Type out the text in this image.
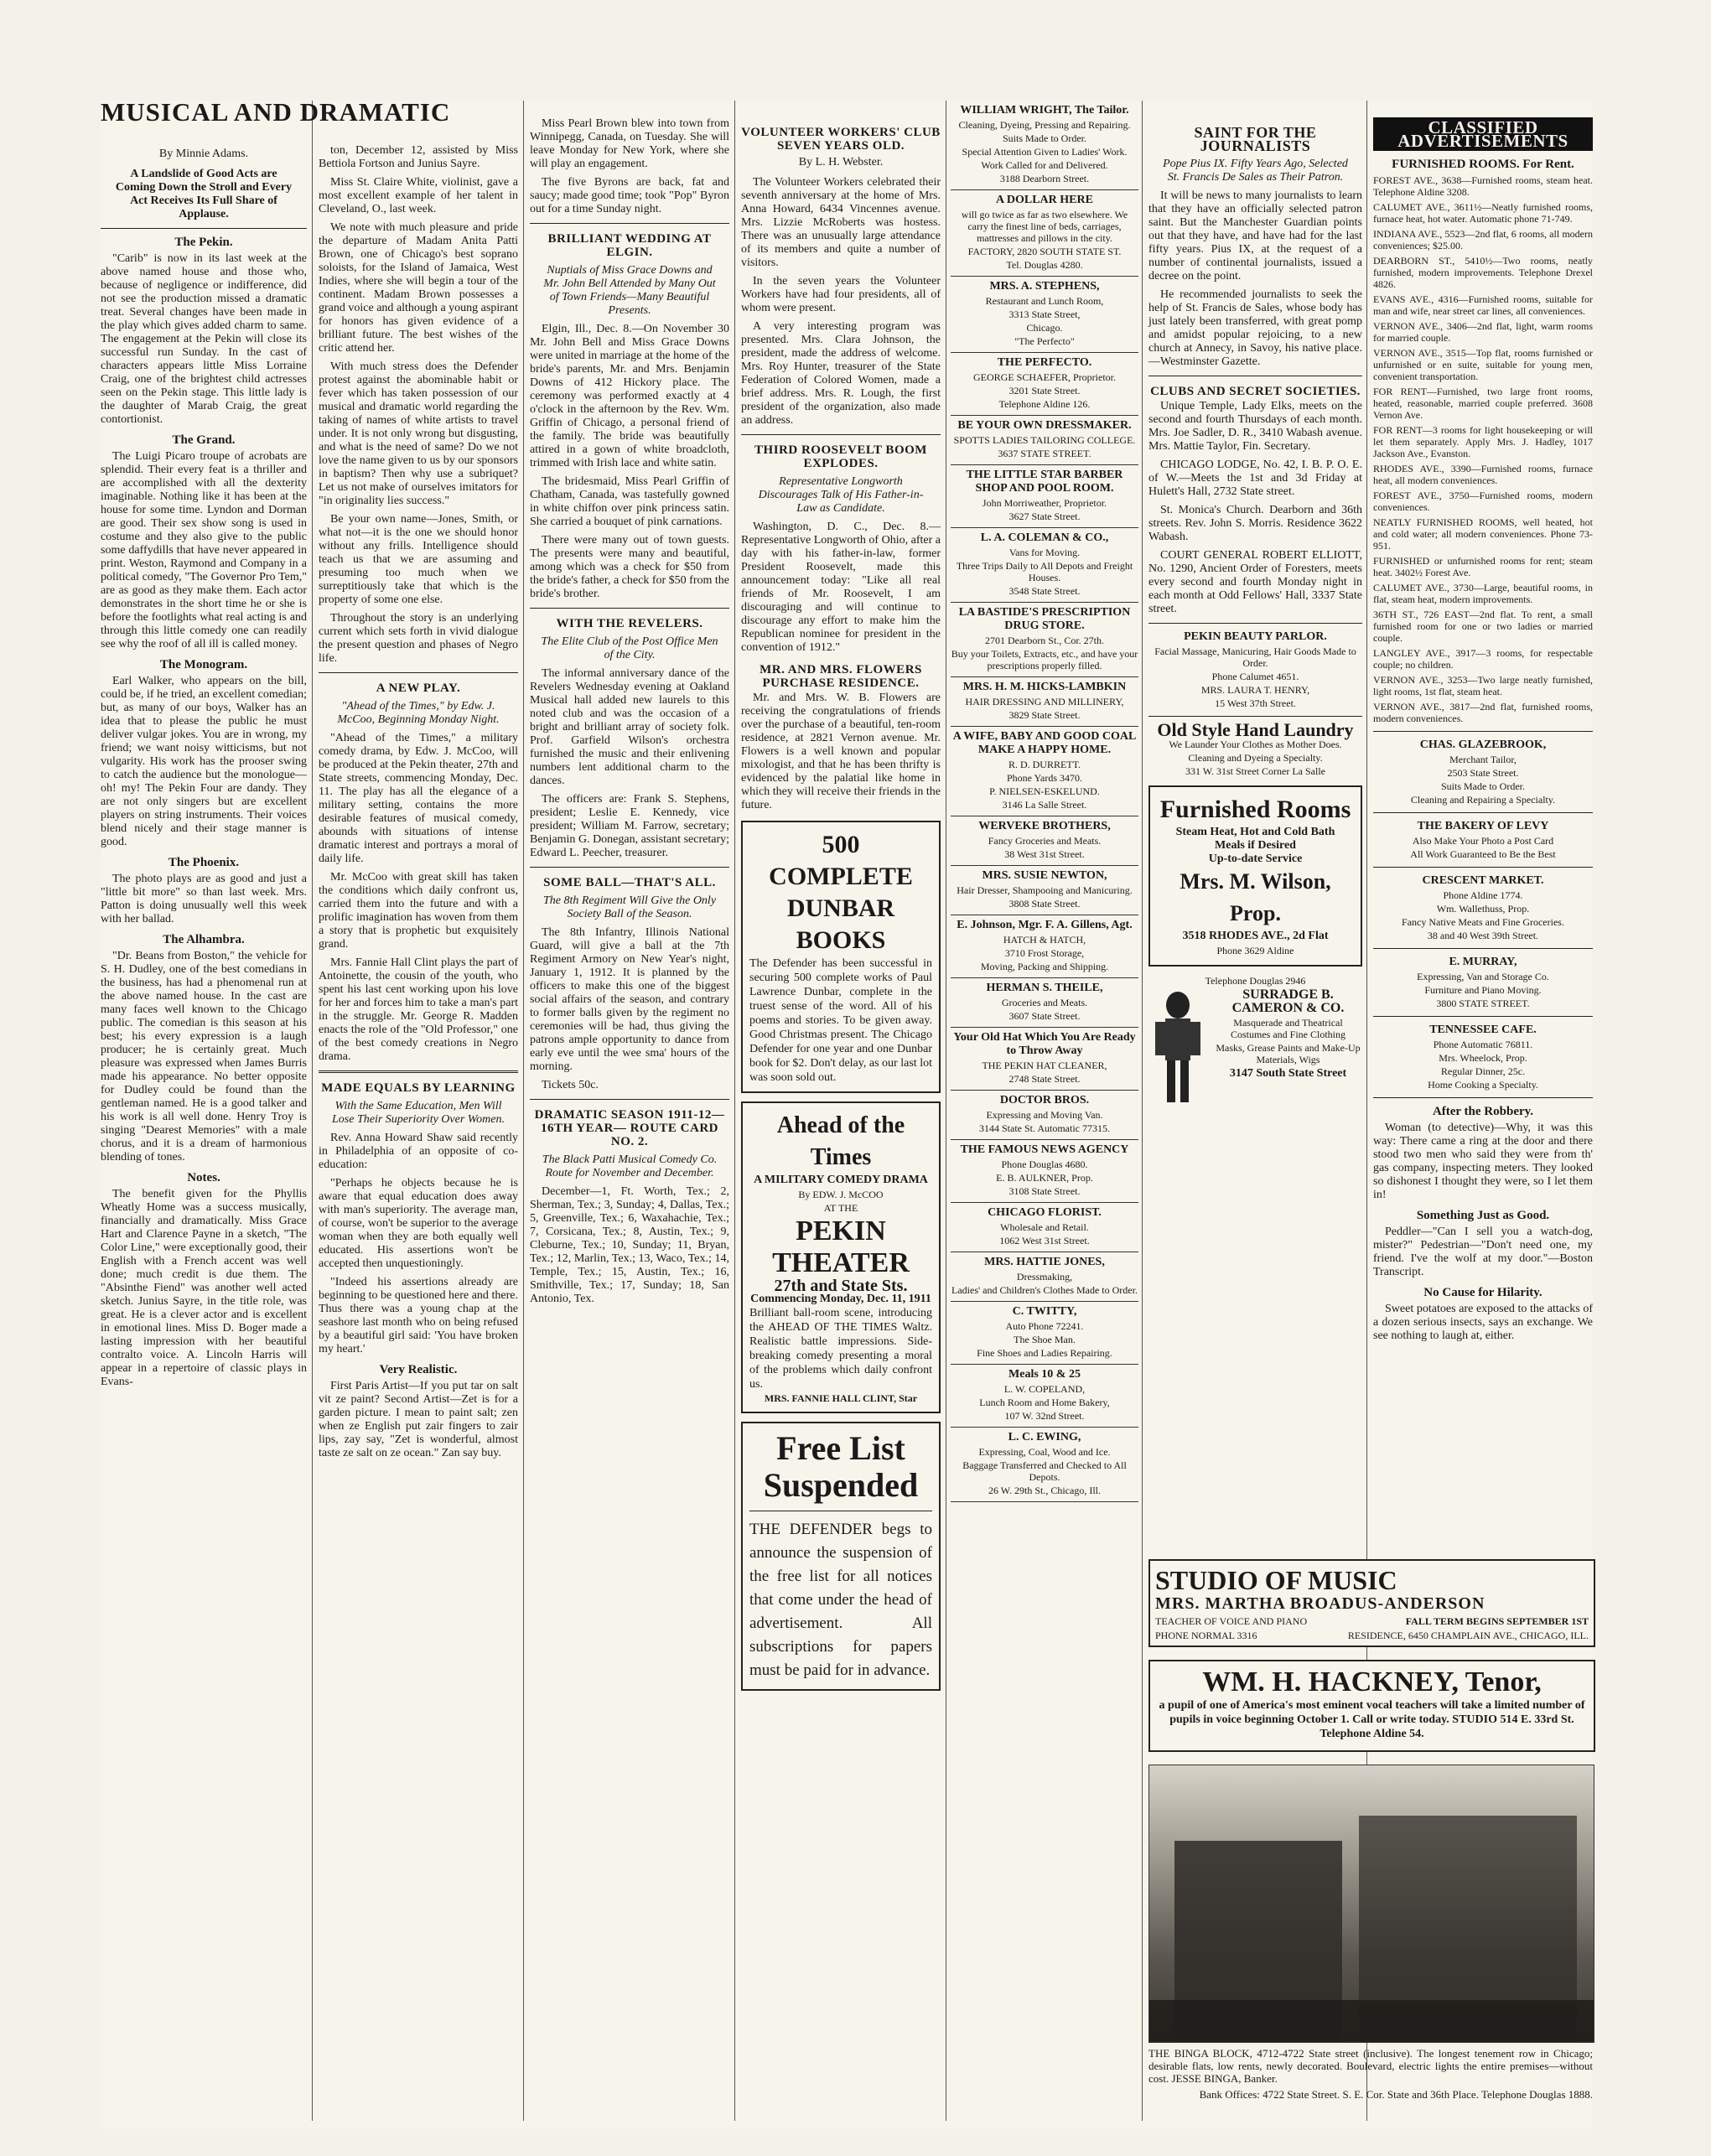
MUSICAL AND DRAMATIC
By Minnie Adams.
A Landslide of Good Acts are Coming Down the Stroll and Every Act Receives Its Full Share of Applause.
The Pekin.

"Carib" is now in its last week at the above named house and those who, because of negligence or indifference, did not see the production missed a dramatic treat. Several changes have been made in the play which gives added charm to same. The engagement at the Pekin will close its successful run Sunday. In the cast of characters appears little Miss Lorraine Craig, one of the brightest child actresses seen on the Pekin stage. This little lady is the daughter of Marab Craig, the great contortionist.

The Grand.

The Luigi Picaro troupe of acrobats are splendid. Their every feat is a thriller and are accomplished with all the dexterity imaginable. Nothing like it has been at the house for some time. Lyndon and Dorman are good. Their sex show song is used in costume and they also give to the public some daffydills that have never appeared in print. Weston, Raymond and Company in a political comedy, "The Governor Pro Tem," are as good as they make them. Each actor demonstrates in the short time he or she is before the footlights what real acting is and through this little comedy one can readily see why the roof of all ill is called money.

The Monogram.

Earl Walker, who appears on the bill, could be, if he tried, an excellent comedian; but, as many of our boys, Walker has an idea that to please the public he must deliver vulgar jokes. You are in wrong, my friend; we want noisy witticisms, but not vulgarity. His work has the prooser swing to catch the audience but the monologue—oh! my! The Pekin Four are dandy. They are not only singers but are excellent players on string instruments. Their voices blend nicely and their stage manner is good.

The Phoenix.

The photo plays are as good and just a "little bit more" so than last week. Mrs. Patton is doing unusually well this week with her ballad.

The Alhambra.

"Dr. Beans from Boston," the vehicle for S. H. Dudley, one of the best comedians in the business, has had a phenomenal run at the above named house. In the cast are many faces well known to the Chicago public. The comedian is this season at his best; his every expression is a laugh producer; he is certainly great. Much pleasure was expressed when James Burris made his appearance. No better opposite for Dudley could be found than the gentleman named. He is a good talker and his work is all well done. Henry Troy is singing "Dearest Memories" with a male chorus, and it is a dream of harmonious blending of tones.

Notes.

The benefit given for the Phyllis Wheatly Home was a success musically, financially and dramatically. Miss Grace Hart and Clarence Payne in a sketch, "The Color Line," were exceptionally good, their English with a French accent was well done; much credit is due them. The "Absinthe Fiend" was another well acted sketch. Junius Sayre, in the title role, was great. He is a clever actor and is excellent in emotional lines. Miss D. Boger made a lasting impression with her beautiful contralto voice. A. Lincoln Harris will appear in a repertoire of classic plays in Evans-

ton, December 12, assisted by Miss Bettiola Fortson and Junius Sayre.

Miss St. Claire White, violinist, gave a most excellent example of her talent in Cleveland, O., last week.

We note with much pleasure and pride the departure of Madam Anita Patti Brown, one of Chicago's best soprano soloists, for the Island of Jamaica, West Indies, where she will begin a tour of the continent. Madam Brown possesses a grand voice and although a young aspirant for honors has given evidence of a brilliant future. The best wishes of the critic attend her.

With much stress does the Defender protest against the abominable habit or fever which has taken possession of our musical and dramatic world regarding the taking of names of white artists to travel under. It is not only wrong but disgusting, and what is the need of same? Do we not love the name given to us by our sponsors in baptism? Then why use a subriquet? Let us not make of ourselves imitators for "in originality lies success."

Be your own name—Jones, Smith, or what not—it is the one we should honor without any frills. Intelligence should teach us that we are assuming and presuming too much when we surreptitiously take that which is the property of some one else.

Throughout the story is an underlying current which sets forth in vivid dialogue the present question and phases of Negro life.

A NEW PLAY.
"Ahead of the Times," by Edw. J. McCoo, Beginning Monday Night.

"Ahead of the Times," a military comedy drama, by Edw. J. McCoo, will be produced at the Pekin theater, 27th and State streets, commencing Monday, Dec. 11. The play has all the elegance of a military setting, contains the more desirable features of musical comedy, abounds with situations of intense dramatic interest and portrays a moral of daily life.

Mr. McCoo with great skill has taken the conditions which daily confront us, carried them into the future and with a prolific imagination has woven from them a story that is prophetic but exquisitely grand.

Mrs. Fannie Hall Clint plays the part of Antoinette, the cousin of the youth, who spent his last cent working upon his love for her and forces him to take a man's part in the struggle. Mr. George R. Madden enacts the role of the "Old Professor," one of the best comedy creations in Negro drama.

MADE EQUALS BY LEARNING
With the Same Education, Men Will Lose Their Superiority Over Women.

Rev. Anna Howard Shaw said recently in Philadelphia of an opposite of co-education:

"Perhaps he objects because he is aware that equal education does away with man's superiority. The average man, of course, won't be superior to the average woman when they are both equally well educated. His assertions won't be accepted then unquestioningly.

"Indeed his assertions already are beginning to be questioned here and there. Thus there was a young chap at the seashore last month who on being refused by a beautiful girl said: 'You have broken my heart.'

Very Realistic.

First Paris Artist—If you put tar on salt vit ze paint? Second Artist—Zet is for a garden picture. I mean to paint salt; zen when ze English put zair fingers to zair lips, zay say, "Zet is wonderful, almost taste ze salt on ze ocean." Zan say buy.

Miss Pearl Brown blew into town from Winnipegg, Canada, on Tuesday. She will leave Monday for New York, where she will play an engagement.

The five Byrons are back, fat and saucy; made good time; took "Pop" Byron out for a time Sunday night.

BRILLIANT WEDDING AT ELGIN.
Nuptials of Miss Grace Downs and Mr. John Bell Attended by Many Out of Town Friends—Many Beautiful Presents.

Elgin, Ill., Dec. 8.—On November 30 Mr. John Bell and Miss Grace Downs were united in marriage at the home of the bride's parents, Mr. and Mrs. Benjamin Downs of 412 Hickory place. The ceremony was performed exactly at 4 o'clock in the afternoon by the Rev. Wm. Griffin of Chicago, a personal friend of the family. The bride was beautifully attired in a gown of white broadcloth, trimmed with Irish lace and white satin.

The bridesmaid, Miss Pearl Griffin of Chatham, Canada, was tastefully gowned in white chiffon over pink princess satin. She carried a bouquet of pink carnations.

There were many out of town guests. The presents were many and beautiful, among which was a check for $50 from the bride's father, a check for $50 from the bride's brother.

WITH THE REVELERS.
The Elite Club of the Post Office Men of the City.

The informal anniversary dance of the Revelers Wednesday evening at Oakland Musical hall added new laurels to this noted club and was the occasion of a bright and brilliant array of society folk. Prof. Garfield Wilson's orchestra furnished the music and their enlivening numbers lent additional charm to the dances.

The officers are: Frank S. Stephens, president; Leslie E. Kennedy, vice president; William M. Farrow, secretary; Benjamin G. Donegan, assistant secretary; Edward L. Peecher, treasurer.

SOME BALL—THAT'S ALL.
The 8th Regiment Will Give the Only Society Ball of the Season.

The 8th Infantry, Illinois National Guard, will give a ball at the 7th Regiment Armory on New Year's night, January 1, 1912. It is planned by the officers to make this one of the biggest social affairs of the season, and contrary to former balls given by the regiment no ceremonies will be had, thus giving the patrons ample opportunity to dance from early eve until the wee sma' hours of the morning.

Tickets 50c.

DRAMATIC SEASON 1911-12— 16TH YEAR— ROUTE CARD NO. 2.
The Black Patti Musical Comedy Co. Route for November and December.

December—1, Ft. Worth, Tex.; 2, Sherman, Tex.; 3, Sunday; 4, Dallas, Tex.; 5, Greenville, Tex.; 6, Waxahachie, Tex.; 7, Corsicana, Tex.; 8, Austin, Tex.; 9, Cleburne, Tex.; 10, Sunday; 11, Bryan, Tex.; 12, Marlin, Tex.; 13, Waco, Tex.; 14, Temple, Tex.; 15, Austin, Tex.; 16, Smithville, Tex.; 17, Sunday; 18, San Antonio, Tex.

VOLUNTEER WORKERS' CLUB SEVEN YEARS OLD.
By L. H. Webster.

The Volunteer Workers celebrated their seventh anniversary at the home of Mrs. Anna Howard, 6434 Vincennes avenue. Mrs. Lizzie McRoberts was hostess. There was an unusually large attendance of its members and quite a number of visitors.

In the seven years the Volunteer Workers have had four presidents, all of whom were present.

A very interesting program was presented. Mrs. Clara Johnson, the president, made the address of welcome. Mrs. Roy Hunter, treasurer of the State Federation of Colored Women, made a brief address. Mrs. R. Lough, the first president of the organization, also made an address.

THIRD ROOSEVELT BOOM EXPLODES.
Representative Longworth Discourages Talk of His Father-in-Law as Candidate.

Washington, D. C., Dec. 8.—Representative Longworth of Ohio, after a day with his father-in-law, former President Roosevelt, made this announcement today: "Like all real friends of Mr. Roosevelt, I am discouraging and will continue to discourage any effort to make him the Republican nominee for president in the convention of 1912."

MR. AND MRS. FLOWERS PURCHASE RESIDENCE.

Mr. and Mrs. W. B. Flowers are receiving the congratulations of friends over the purchase of a beautiful, ten-room residence, at 2821 Vernon avenue. Mr. Flowers is a well known and popular mixologist, and that he has been thrifty is evidenced by the palatial like home in which they will receive their friends in the future.

500 COMPLETE DUNBAR BOOKS
The Defender has been successful in securing 500 complete works of Paul Lawrence Dunbar, complete in the truest sense of the word. All of his poems and stories. To be given away. Good Christmas present. The Chicago Defender for one year and one Dunbar book for $2. Don't delay, as our last lot was soon sold out.
Ahead of the Times
A MILITARY COMEDY DRAMA
By EDW. J. McCOO
AT THE
PEKIN THEATER
27th and State Sts.
Commencing Monday, Dec. 11, 1911
Brilliant ball-room scene, introducing the AHEAD OF THE TIMES Waltz. Realistic battle impressions. Side-breaking comedy presenting a moral of the problems which daily confront us.
MRS. FANNIE HALL CLINT, Star
Free List Suspended
THE DEFENDER begs to announce the suspension of the free list for all notices that come under the head of advertisement. All subscriptions for papers must be paid for in advance.
WILLIAM WRIGHT, The Tailor.
Cleaning, Dyeing, Pressing and Repairing.
Suits Made to Order.
Special Attention Given to Ladies' Work.
Work Called for and Delivered.
3188 Dearborn Street.
A DOLLAR HERE
will go twice as far as two elsewhere. We carry the finest line of beds, carriages, mattresses and pillows in the city.
FACTORY, 2820 SOUTH STATE ST.
Tel. Douglas 4280.
MRS. A. STEPHENS,
Restaurant and Lunch Room,
3313 State Street,
Chicago.
"The Perfecto"
THE PERFECTO.
GEORGE SCHAEFER, Proprietor.
3201 State Street.
Telephone Aldine 126.
BE YOUR OWN DRESSMAKER.
SPOTTS LADIES TAILORING COLLEGE.
3637 STATE STREET.
THE LITTLE STAR BARBER SHOP AND POOL ROOM.
John Morriweather, Proprietor.
3627 State Street.
L. A. COLEMAN & CO.,
Vans for Moving.
Three Trips Daily to All Depots and Freight Houses.
3548 State Street.
LA BASTIDE'S PRESCRIPTION DRUG STORE.
2701 Dearborn St., Cor. 27th.
Buy your Toilets, Extracts, etc., and have your prescriptions properly filled.
MRS. H. M. HICKS-LAMBKIN
HAIR DRESSING AND MILLINERY,
3829 State Street.
A WIFE, BABY AND GOOD COAL MAKE A HAPPY HOME.
R. D. DURRETT.
Phone Yards 3470.
P. NIELSEN-ESKELUND.
3146 La Salle Street.
WERVEKE BROTHERS,
Fancy Groceries and Meats.
38 West 31st Street.
MRS. SUSIE NEWTON,
Hair Dresser, Shampooing and Manicuring.
3808 State Street.
E. Johnson, Mgr. F. A. Gillens, Agt.
HATCH & HATCH,
3710 Frost Storage,
Moving, Packing and Shipping.
HERMAN S. THEILE,
Groceries and Meats.
3607 State Street.
Your Old Hat Which You Are Ready to Throw Away
THE PEKIN HAT CLEANER,
2748 State Street.
DOCTOR BROS.
Expressing and Moving Van.
3144 State St. Automatic 77315.
THE FAMOUS NEWS AGENCY
Phone Douglas 4680.
E. B. AULKNER, Prop.
3108 State Street.
CHICAGO FLORIST.
Wholesale and Retail.
1062 West 31st Street.
MRS. HATTIE JONES,
Dressmaking,
Ladies' and Children's Clothes Made to Order.
C. TWITTY,
Auto Phone 72241.
The Shoe Man.
Fine Shoes and Ladies Repairing.
Meals 10 & 25
L. W. COPELAND,
Lunch Room and Home Bakery,
107 W. 32nd Street.
L. C. EWING,
Expressing, Coal, Wood and Ice.
Baggage Transferred and Checked to All Depots.
26 W. 29th St., Chicago, Ill.
SAINT FOR THE JOURNALISTS
Pope Pius IX. Fifty Years Ago, Selected St. Francis De Sales as Their Patron.

It will be news to many journalists to learn that they have an officially selected patron saint. But the Manchester Guardian points out that they have, and have had for the last fifty years. Pius IX, at the request of a number of continental journalists, issued a decree on the point.

He recommended journalists to seek the help of St. Francis de Sales, whose body has just lately been transferred, with great pomp and amidst popular rejoicing, to a new church at Annecy, in Savoy, his native place.—Westminster Gazette.

CLUBS AND SECRET SOCIETIES.

Unique Temple, Lady Elks, meets on the second and fourth Thursdays of each month. Mrs. Joe Sadler, D. R., 3410 Wabash avenue. Mrs. Mattie Taylor, Fin. Secretary.

CHICAGO LODGE, No. 42, I. B. P. O. E. of W.—Meets the 1st and 3d Friday at Hulett's Hall, 2732 State street.

St. Monica's Church. Dearborn and 36th streets. Rev. John S. Morris. Residence 3622 Wabash.

COURT GENERAL ROBERT ELLIOTT, No. 1290, Ancient Order of Foresters, meets every second and fourth Monday night in each month at Odd Fellows' Hall, 3337 State street.

PEKIN BEAUTY PARLOR.
Facial Massage, Manicuring, Hair Goods Made to Order.
Phone Calumet 4651.
MRS. LAURA T. HENRY,
15 West 37th Street.
Old Style Hand Laundry
We Launder Your Clothes as Mother Does.
Cleaning and Dyeing a Specialty.
331 W. 31st Street Corner La Salle
Furnished Rooms
Steam Heat, Hot and Cold Bath
Meals if Desired
Up-to-date Service
Mrs. M. Wilson, Prop.
3518 RHODES AVE., 2d Flat
Phone 3629 Aldine
Telephone Douglas 2946
SURRADGE B. CAMERON & CO.
Masquerade and Theatrical Costumes and Fine Clothing
Masks, Grease Paints and Make-Up Materials, Wigs
3147 South State Street
CLASSIFIED ADVERTISEMENTS
FURNISHED ROOMS. For Rent.
FOREST AVE., 3638—Furnished rooms, steam heat. Telephone Aldine 3208.
CALUMET AVE., 3611½—Neatly furnished rooms, furnace heat, hot water. Automatic phone 71-749.
INDIANA AVE., 5523—2nd flat, 6 rooms, all modern conveniences; $25.00.
DEARBORN ST., 5410½—Two rooms, neatly furnished, modern improvements. Telephone Drexel 4826.
EVANS AVE., 4316—Furnished rooms, suitable for man and wife, near street car lines, all conveniences.
VERNON AVE., 3406—2nd flat, light, warm rooms for married couple.
VERNON AVE., 3515—Top flat, rooms furnished or unfurnished or en suite, suitable for young men, convenient transportation.
FOR RENT—Furnished, two large front rooms, heated, reasonable, married couple preferred. 3608 Vernon Ave.
FOR RENT—3 rooms for light housekeeping or will let them separately. Apply Mrs. J. Hadley, 1017 Jackson Ave., Evanston.
RHODES AVE., 3390—Furnished rooms, furnace heat, all modern conveniences.
FOREST AVE., 3750—Furnished rooms, modern conveniences.
NEATLY FURNISHED ROOMS, well heated, hot and cold water; all modern conveniences. Phone 73-951.
FURNISHED or unfurnished rooms for rent; steam heat. 3402½ Forest Ave.
CALUMET AVE., 3730—Large, beautiful rooms, in flat, steam heat, modern improvements.
36TH ST., 726 EAST—2nd flat. To rent, a small furnished room for one or two ladies or married couple.
LANGLEY AVE., 3917—3 rooms, for respectable couple; no children.
VERNON AVE., 3253—Two large neatly furnished, light rooms, 1st flat, steam heat.
VERNON AVE., 3817—2nd flat, furnished rooms, modern conveniences.
CHAS. GLAZEBROOK,
Merchant Tailor,
2503 State Street.
Suits Made to Order.
Cleaning and Repairing a Specialty.
THE BAKERY OF LEVY
Also Make Your Photo a Post Card
All Work Guaranteed to Be the Best
CRESCENT MARKET.
Phone Aldine 1774.
Wm. Wallethuss, Prop.
Fancy Native Meats and Fine Groceries.
38 and 40 West 39th Street.
E. MURRAY,
Expressing, Van and Storage Co.
Furniture and Piano Moving.
3800 STATE STREET.
TENNESSEE CAFE.
Phone Automatic 76811.
Mrs. Wheelock, Prop.
Regular Dinner, 25c.
Home Cooking a Specialty.
After the Robbery.

Woman (to detective)—Why, it was this way: There came a ring at the door and there stood two men who said they were from th' gas company, inspecting meters. They looked so dishonest I thought they were, so I let them in!

Something Just as Good.

Peddler—"Can I sell you a watch-dog, mister?" Pedestrian—"Don't need one, my friend. I've the wolf at my door."—Boston Transcript.

No Cause for Hilarity.

Sweet potatoes are exposed to the attacks of a dozen serious insects, says an exchange. We see nothing to laugh at, either.

STUDIO OF MUSIC
MRS. MARTHA BROADUS-ANDERSON
TEACHER OF VOICE AND PIANO	FALL TERM BEGINS SEPTEMBER 1ST
PHONE NORMAL 3316	RESIDENCE, 6450 CHAMPLAIN AVE., CHICAGO, ILL.
WM. H. HACKNEY, Tenor,
a pupil of one of America's most eminent vocal teachers will take a limited number of pupils in voice beginning October 1. Call or write today. STUDIO 514 E. 33rd St. Telephone Aldine 54.
THE BINGA BLOCK, 4712-4722 State street (inclusive). The longest tenement row in Chicago; desirable flats, low rents, newly decorated. Boulevard, electric lights the entire premises—without cost. JESSE BINGA, Banker.
Bank Offices: 4722 State Street. S. E. Cor. State and 36th Place. Telephone Douglas 1888.
